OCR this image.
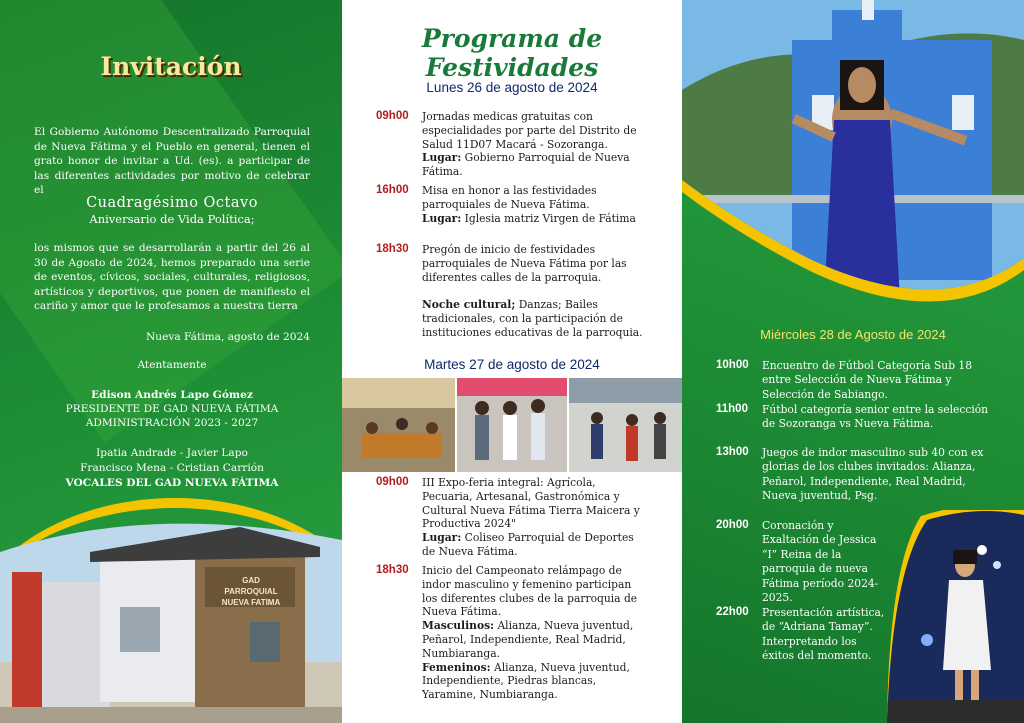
Invitación
El Gobierno Autónomo Descentralizado Parroquial de Nueva Fátima y el Pueblo en general, tienen el grato honor de invitar a Ud. (es). a participar de las diferentes actividades por motivo de celebrar el
Cuadragésimo Octavo
Aniversario de Vida Política;
los mismos que se desarrollarán a partir del 26 al 30 de Agosto de 2024, hemos preparado una serie de eventos, cívicos, sociales, culturales, religiosos, artísticos y deportivos, que ponen de manifiesto el cariño y amor que le profesamos a nuestra tierra
Nueva Fátima, agosto de 2024
Atentamente
Edison Andrés Lapo Gómez
PRESIDENTE DE GAD NUEVA FÁTIMA
ADMINISTRACIÓN 2023 - 2027
Ipatia Andrade - Javier Lapo
Francisco Mena - Cristian Carrión
VOCALES DEL GAD NUEVA FÁTIMA
GAD
PARROQUIAL
NUEVA FATIMA
Programa de Festividades
Lunes 26 de agosto de 2024
09h00 Jornadas medicas gratuitas con especialidades por parte del Distrito de Salud 11D07 Macará - Sozoranga.
Lugar: Gobierno Parroquial de Nueva Fátima.
16h00 Misa en honor a las festividades parroquiales de Nueva Fátima.
Lugar: Iglesia matriz Virgen de Fátima
18h30 Pregón de inicio de festividades parroquiales de Nueva Fátima por las diferentes calles de la parroquia.

Noche cultural; Danzas; Bailes tradicionales, con la participación de instituciones educativas de la parroquia.
Martes 27 de agosto de 2024
09h00 III Expo-feria integral: Agrícola, Pecuaria, Artesanal, Gastronómica y Cultural Nueva Fátima Tierra Maicera y Productiva 2024"
Lugar: Coliseo Parroquial de Deportes de Nueva Fátima.
18h30 Inicio del Campeonato relámpago de indor masculino y femenino participan los diferentes clubes de la parroquia de Nueva Fátima.
Masculinos: Alianza, Nueva juventud, Peñarol, Independiente, Real Madrid, Numbiaranga.
Femeninos: Alianza, Nueva juventud, Independiente, Piedras blancas, Yaramine, Numbiaranga.
Miércoles 28 de Agosto de 2024
10h00 Encuentro de Fútbol Categoría Sub 18 entre Selección de Nueva Fátima y Selección de Sabiango.
11h00 Fútbol categoría senior entre la selección de Sozoranga vs Nueva Fátima.
13h00 Juegos de indor masculino sub 40 con ex glorias de los clubes invitados: Alianza, Peñarol, Independiente, Real Madrid, Nueva juventud, Psg.
20h00 Coronación y Exaltación de Jessica “I” Reina de la parroquia de nueva Fátima período 2024-2025.
22h00 Presentación artística, de “Adriana Tamay”. Interpretando los éxitos del momento.
